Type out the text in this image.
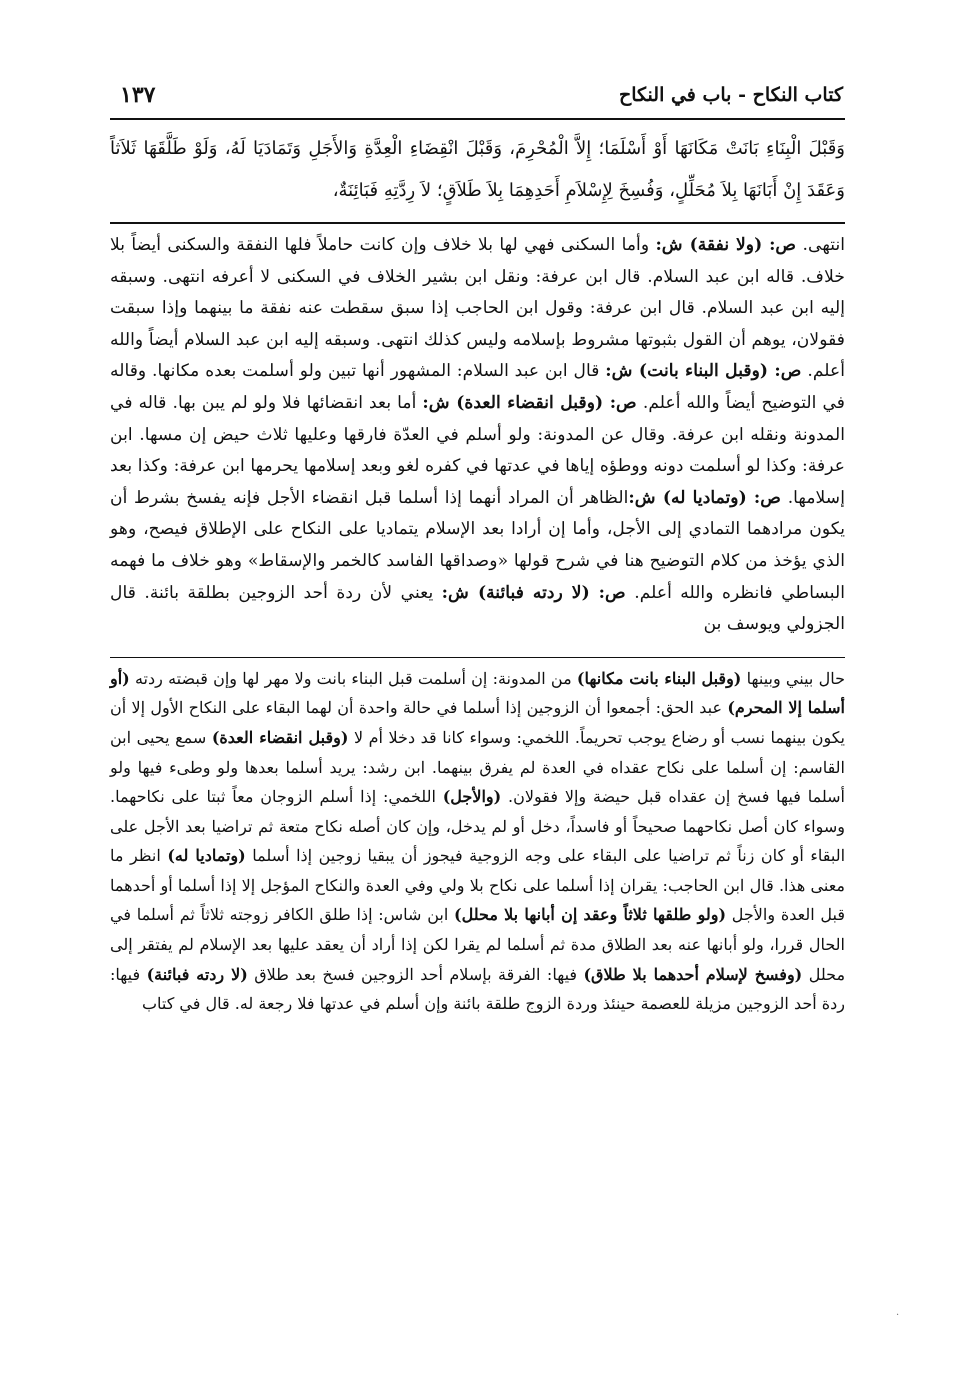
كتاب النكاح - باب في النكاح
١٣٧
وَقَبْلَ الْبِنَاءِ بَانَتْ مَكَانَهَا أَوْ أَسْلَمَا؛ إِلاَّ الْمُحْرِمَ، وَقَبْلَ انْقِضَاءِ الْعِدَّةِ وَالأَجَلِ وَتَمَادَيَا لَهُ، وَلَوْ طَلَّقَهَا ثَلاَثاً وَعَقَدَ إِنْ أَبَانَهَا بِلاَ مُحَلِّلٍ، وَفُسِخَ لِإِسْلاَمِ أَحَدِهِمَا بِلاَ طَلاَقٍ؛ لاَ رِدَّتِهِ فَبَائِنَةٌ،
انتهى. ص: (ولا نفقة) ش: وأما السكنى فهي لها بلا خلاف وإن كانت حاملاً فلها النفقة والسكنى أيضاً بلا خلاف. قاله ابن عبد السلام. قال ابن عرفة: ونقل ابن بشير الخلاف في السكنى لا أعرفه انتهى. وسبقه إليه ابن عبد السلام. قال ابن عرفة: وقول ابن الحاجب إذا سبق سقطت عنه نفقة ما بينهما وإذا سبقت فقولان، يوهم أن القول بثبوتها مشروط بإسلامه وليس كذلك انتهى. وسبقه إليه ابن عبد السلام أيضاً والله أعلم. ص: (وقبل البناء بانت) ش: قال ابن عبد السلام: المشهور أنها تبين ولو أسلمت بعده مكانها. وقاله في التوضيح أيضاً والله أعلم. ص: (وقبل انقضاء العدة) ش: أما بعد انقضائها فلا ولو لم يبن بها. قاله في المدونة ونقله ابن عرفة. وقال عن المدونة: ولو أسلم في العدّة فارقها وعليها ثلاث حيض إن مسها. ابن عرفة: وكذا لو أسلمت دونه ووطؤه إياها في عدتها في كفره لغو وبعد إسلامها يحرمها ابن عرفة: وكذا بعد إسلامها. ص: (وتماديا له) ش:الظاهر أن المراد أنهما إذا أسلما قبل انقضاء الأجل فإنه يفسخ بشرط أن يكون مرادهما التمادي إلى الأجل، وأما إن أرادا بعد الإسلام يتماديا على النكاح على الإطلاق فيصح، وهو الذي يؤخذ من كلام التوضيح هنا في شرح قولها «وصداقها الفاسد كالخمر والإسقاط» وهو خلاف ما فهمه البساطي فانظره والله أعلم. ص: (لا ردته فبائنة) ش: يعني لأن ردة أحد الزوجين بطلقة بائنة. قال الجزولي ويوسف بن
حال بيني وبينها (وقبل البناء بانت مكانها) من المدونة: إن أسلمت قبل البناء بانت ولا مهر لها وإن قبضته ردته (أو أسلما إلا المحرم) عبد الحق: أجمعوا أن الزوجين إذا أسلما في حالة واحدة أن لهما البقاء على النكاح الأول إلا أن يكون بينهما نسب أو رضاع يوجب تحريماً. اللخمي: وسواء كانا قد دخلا أم لا (وقبل انقضاء العدة) سمع يحيى ابن القاسم: إن أسلما على نكاح عقداه في العدة لم يفرق بينهما. ابن رشد: يريد أسلما بعدها ولو وطىء فيها ولو أسلما فيها فسخ إن عقداه قبل حيضة وإلا فقولان. (والأجل) اللخمي: إذا أسلم الزوجان معاً ثبتا على نكاحهما. وسواء كان أصل نكاحهما صحيحاً أو فاسداً، دخل أو لم يدخل، وإن كان أصله نكاح متعة ثم تراضيا بعد الأجل على البقاء أو كان زناً ثم تراضيا على البقاء على وجه الزوجية فيجوز أن يبقيا زوجين إذا أسلما (وتماديا له) انظر ما معنى هذا. قال ابن الحاجب: يقران إذا أسلما على نكاح بلا ولي وفي العدة والنكاح المؤجل إلا إذا أسلما أو أحدهما قبل العدة والأجل (ولو طلقها ثلاثاً وعقد إن أبانها بلا محلل) ابن شاس: إذا طلق الكافر زوجته ثلاثاً ثم أسلما في الحال قررا، ولو أبانها عنه بعد الطلاق مدة ثم أسلما لم يقرا لكن إذا أراد أن يعقد عليها بعد الإسلام لم يفتقر إلى محلل (وفسخ لإسلام أحدهما بلا طلاق) فيها: الفرقة بإسلام أحد الزوجين فسخ بعد طلاق (لا ردته فبائنة) فيها: ردة أحد الزوجين مزيلة للعصمة حينئذ وردة الزوج طلقة بائنة وإن أسلم في عدتها فلا رجعة له. قال في كتاب
·
